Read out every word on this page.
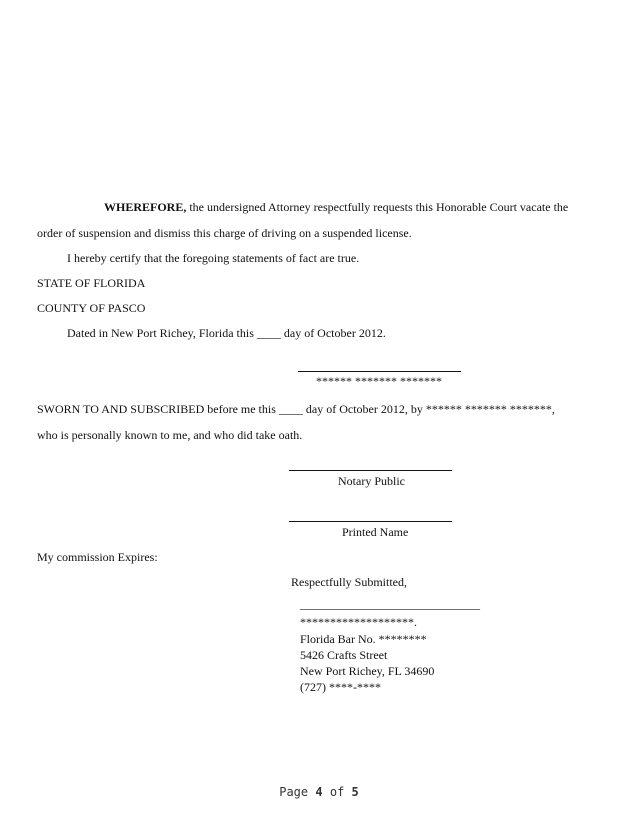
WHEREFORE, the undersigned Attorney respectfully requests this Honorable Court vacate the
order of suspension and dismiss this charge of driving on a suspended license.
I hereby certify that the foregoing statements of fact are true.
STATE OF FLORIDA
COUNTY OF PASCO
Dated in New Port Richey, Florida this ____ day of October 2012.
****** ******* *******
SWORN TO AND SUBSCRIBED before me this ____ day of October 2012, by ****** ******* *******,
who is personally known to me, and who did take oath.
Notary Public
Printed Name
My commission Expires:
Respectfully Submitted,
______________________________
*******************.
Florida Bar No. ********
5426 Crafts Street
New Port Richey, FL 34690
(727) ****-****
Page 4 of 5
